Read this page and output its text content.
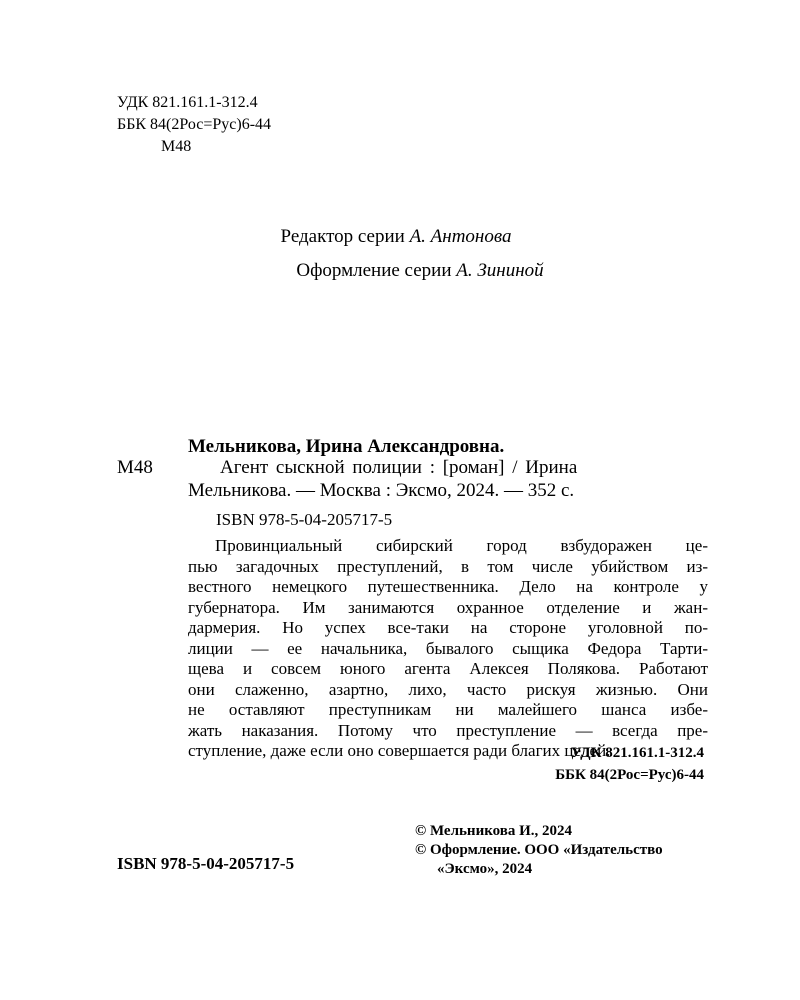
УДК 821.161.1-312.4
ББК 84(2Рос=Рус)6-44
М48
Редактор серии А. Антонова
Оформление серии А. Зининой
Мельникова, Ирина Александровна.
М48	Агент сыскной полиции : [роман] / Ирина
Мельникова. — Москва : Эксмо, 2024. — 352 с.
ISBN 978-5-04-205717-5
Провинциальный сибирский город взбудоражен це-
пью загадочных преступлений, в том числе убийством из-
вестного немецкого путешественника. Дело на контроле у
губернатора. Им занимаются охранное отделение и жан-
дармерия. Но успех все-таки на стороне уголовной по-
лиции — ее начальника, бывалого сыщика Федора Тарти-
щева и совсем юного агента Алексея Полякова. Работают
они слаженно, азартно, лихо, часто рискуя жизнью. Они
не оставляют преступникам ни малейшего шанса избе-
жать наказания. Потому что преступление — всегда пре-
ступление, даже если оно совершается ради благих целей.
УДК 821.161.1-312.4
ББК 84(2Рос=Рус)6-44
© Мельникова И., 2024
© Оформление. ООО «Издательство
«Эксмо», 2024
ISBN 978-5-04-205717-5
